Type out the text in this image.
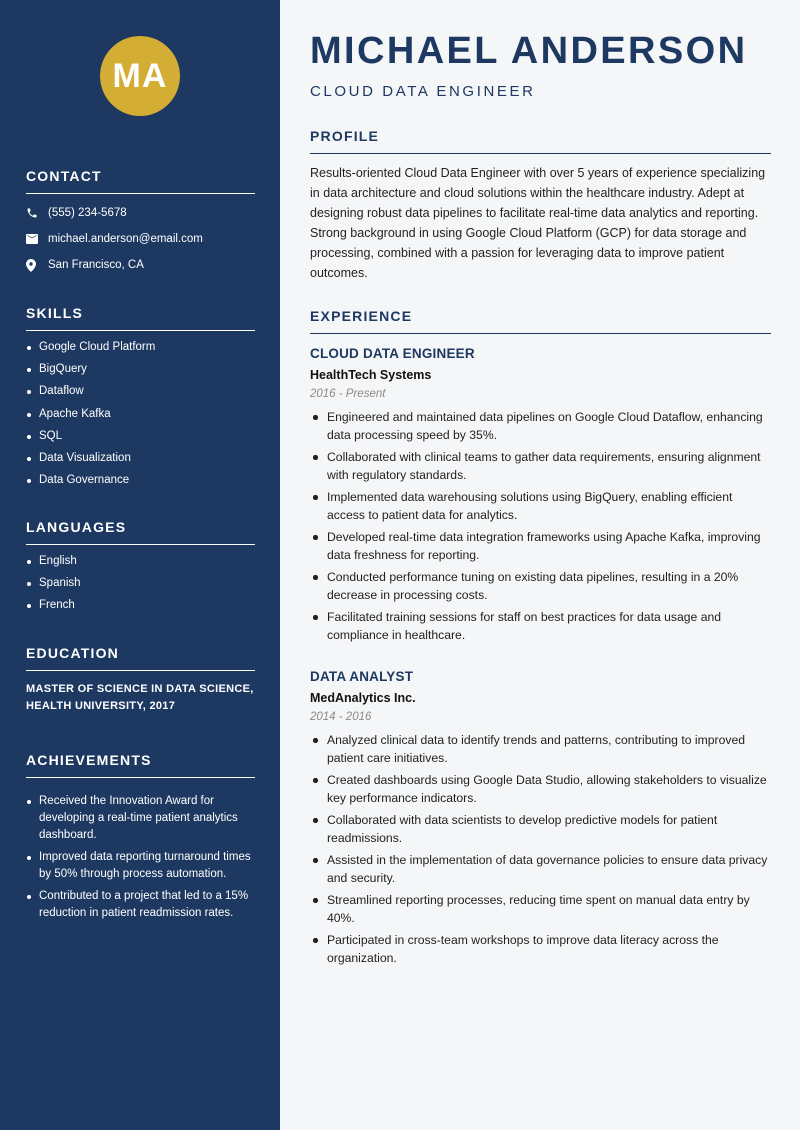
MA
CONTACT
(555) 234-5678
michael.anderson@email.com
San Francisco, CA
SKILLS
Google Cloud Platform
BigQuery
Dataflow
Apache Kafka
SQL
Data Visualization
Data Governance
LANGUAGES
English
Spanish
French
EDUCATION
MASTER OF SCIENCE IN DATA SCIENCE, HEALTH UNIVERSITY, 2017
ACHIEVEMENTS
Received the Innovation Award for developing a real-time patient analytics dashboard.
Improved data reporting turnaround times by 50% through process automation.
Contributed to a project that led to a 15% reduction in patient readmission rates.
MICHAEL ANDERSON
CLOUD DATA ENGINEER
PROFILE
Results-oriented Cloud Data Engineer with over 5 years of experience specializing in data architecture and cloud solutions within the healthcare industry. Adept at designing robust data pipelines to facilitate real-time data analytics and reporting. Strong background in using Google Cloud Platform (GCP) for data storage and processing, combined with a passion for leveraging data to improve patient outcomes.
EXPERIENCE
CLOUD DATA ENGINEER
HealthTech Systems
2016 - Present
Engineered and maintained data pipelines on Google Cloud Dataflow, enhancing data processing speed by 35%.
Collaborated with clinical teams to gather data requirements, ensuring alignment with regulatory standards.
Implemented data warehousing solutions using BigQuery, enabling efficient access to patient data for analytics.
Developed real-time data integration frameworks using Apache Kafka, improving data freshness for reporting.
Conducted performance tuning on existing data pipelines, resulting in a 20% decrease in processing costs.
Facilitated training sessions for staff on best practices for data usage and compliance in healthcare.
DATA ANALYST
MedAnalytics Inc.
2014 - 2016
Analyzed clinical data to identify trends and patterns, contributing to improved patient care initiatives.
Created dashboards using Google Data Studio, allowing stakeholders to visualize key performance indicators.
Collaborated with data scientists to develop predictive models for patient readmissions.
Assisted in the implementation of data governance policies to ensure data privacy and security.
Streamlined reporting processes, reducing time spent on manual data entry by 40%.
Participated in cross-team workshops to improve data literacy across the organization.
